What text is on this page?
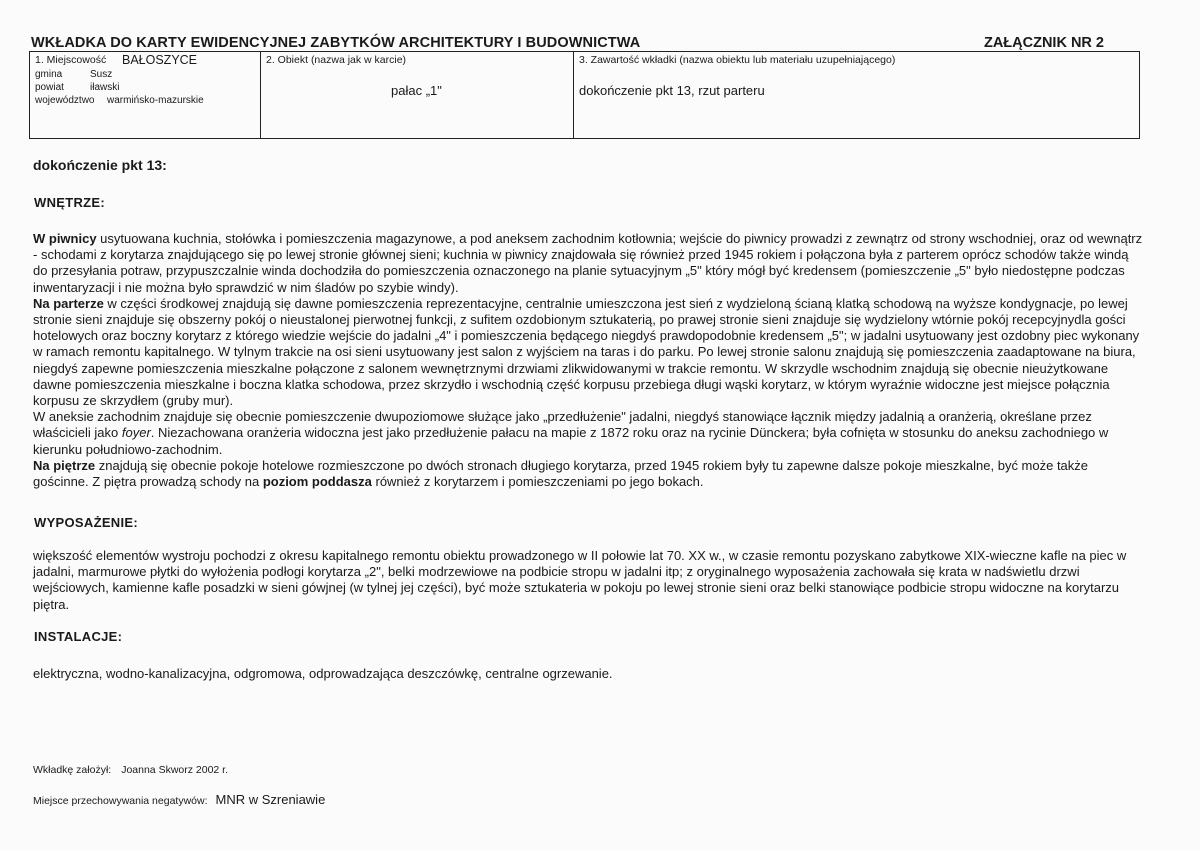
WKŁADKA DO KARTY EWIDENCYJNEJ ZABYTKÓW ARCHITEKTURY I BUDOWNICTWA	ZAŁĄCZNIK NR 2
1. Miejscowość BAŁOSZYCE
gmina	Susz
powiat	iławski
województwo warmińsko-mazurskie
2. Obiekt (nazwa jak w karcie)
pałac „1"
3. Zawartość wkładki (nazwa obiektu lub materiału uzupełniającego)
dokończenie pkt 13, rzut parteru
dokończenie pkt 13:
WNĘTRZE:

W piwnicy usytuowana kuchnia, stołówka i pomieszczenia magazynowe, a pod aneksem zachodnim kotłownia; wejście do piwnicy prowadzi z zewnątrz od strony wschodniej, oraz od wewnątrz - schodami z korytarza znajdującego się po lewej stronie głównej sieni; kuchnia w piwnicy znajdowała się również przed 1945 rokiem i połączona była z parterem oprócz schodów także windą do przesyłania potraw, przypuszczalnie winda dochodziła do pomieszczenia oznaczonego na planie sytuacyjnym „5" który mógł być kredensem (pomieszczenie „5" było niedostępne podczas inwentaryzacji i nie można było sprawdzić w nim śladów po szybie windy).

Na parterze w części środkowej znajdują się dawne pomieszczenia reprezentacyjne, centralnie umieszczona jest sień z wydzieloną ścianą klatką schodową na wyższe kondygnacje, po lewej stronie sieni znajduje się obszerny pokój o nieustalonej pierwotnej funkcji, z sufitem ozdobionym sztukaterią, po prawej stronie sieni znajduje się wydzielony wtórnie pokój recepcyjnydla gości hotelowych oraz boczny korytarz z którego wiedzie wejście do jadalni „4" i pomieszczenia będącego niegdyś prawdopodobnie kredensem „5"; w jadalni usytuowany jest ozdobny piec wykonany w ramach remontu kapitalnego. W tylnym trakcie na osi sieni usytuowany jest salon z wyjściem na taras i do parku. Po lewej stronie salonu znajdują się pomieszczenia zaadaptowane na biura, niegdyś zapewne pomieszczenia mieszkalne połączone z salonem wewnętrznymi drzwiami zlikwidowanymi w trakcie remontu. W skrzydle wschodnim znajdują się obecnie nieużytkowane dawne pomieszczenia mieszkalne i boczna klatka schodowa, przez skrzydło i wschodnią część korpusu przebiega długi wąski korytarz, w którym wyraźnie widoczne jest miejsce połącznia korpusu ze skrzydłem (gruby mur).

W aneksie zachodnim znajduje się obecnie pomieszczenie dwupoziomowe służące jako „przedłużenie" jadalni, niegdyś stanowiące łącznik między jadalnią a oranżerią, określane przez właścicieli jako foyer. Niezachowana oranżeria widoczna jest jako przedłużenie pałacu na mapie z 1872 roku oraz na rycinie Dünckera; była cofnięta w stosunku do aneksu zachodniego w kierunku południowo-zachodnim.

Na piętrze znajdują się obecnie pokoje hotelowe rozmieszczone po dwóch stronach długiego korytarza, przed 1945 rokiem były tu zapewne dalsze pokoje mieszkalne, być może także gościnne. Z piętra prowadzą schody na poziom poddasza również z korytarzem i pomieszczeniami po jego bokach.

WYPOSAŻENIE:

większość elementów wystroju pochodzi z okresu kapitalnego remontu obiektu prowadzonego w II połowie lat 70. XX w., w czasie remontu pozyskano zabytkowe XIX-wieczne kafle na piec w jadalni, marmurowe płytki do wyłożenia podłogi korytarza „2", belki modrzewiowe na podbicie stropu w jadalni itp; z oryginalnego wyposażenia zachowała się krata w nadświetlu drzwi wejściowych, kamienne kafle posadzki w sieni gówjnej (w tylnej jej części), być może sztukateria w pokoju po lewej stronie sieni oraz belki stanowiące podbicie stropu widoczne na korytarzu piętra.

INSTALACJE:

elektryczna, wodno-kanalizacyjna, odgromowa, odprowadzająca deszczówkę, centralne ogrzewanie.

Wkładkę założył: Joanna Skworz 2002 r.
Miejsce przechowywania negatywów: MNR w Szreniawie
